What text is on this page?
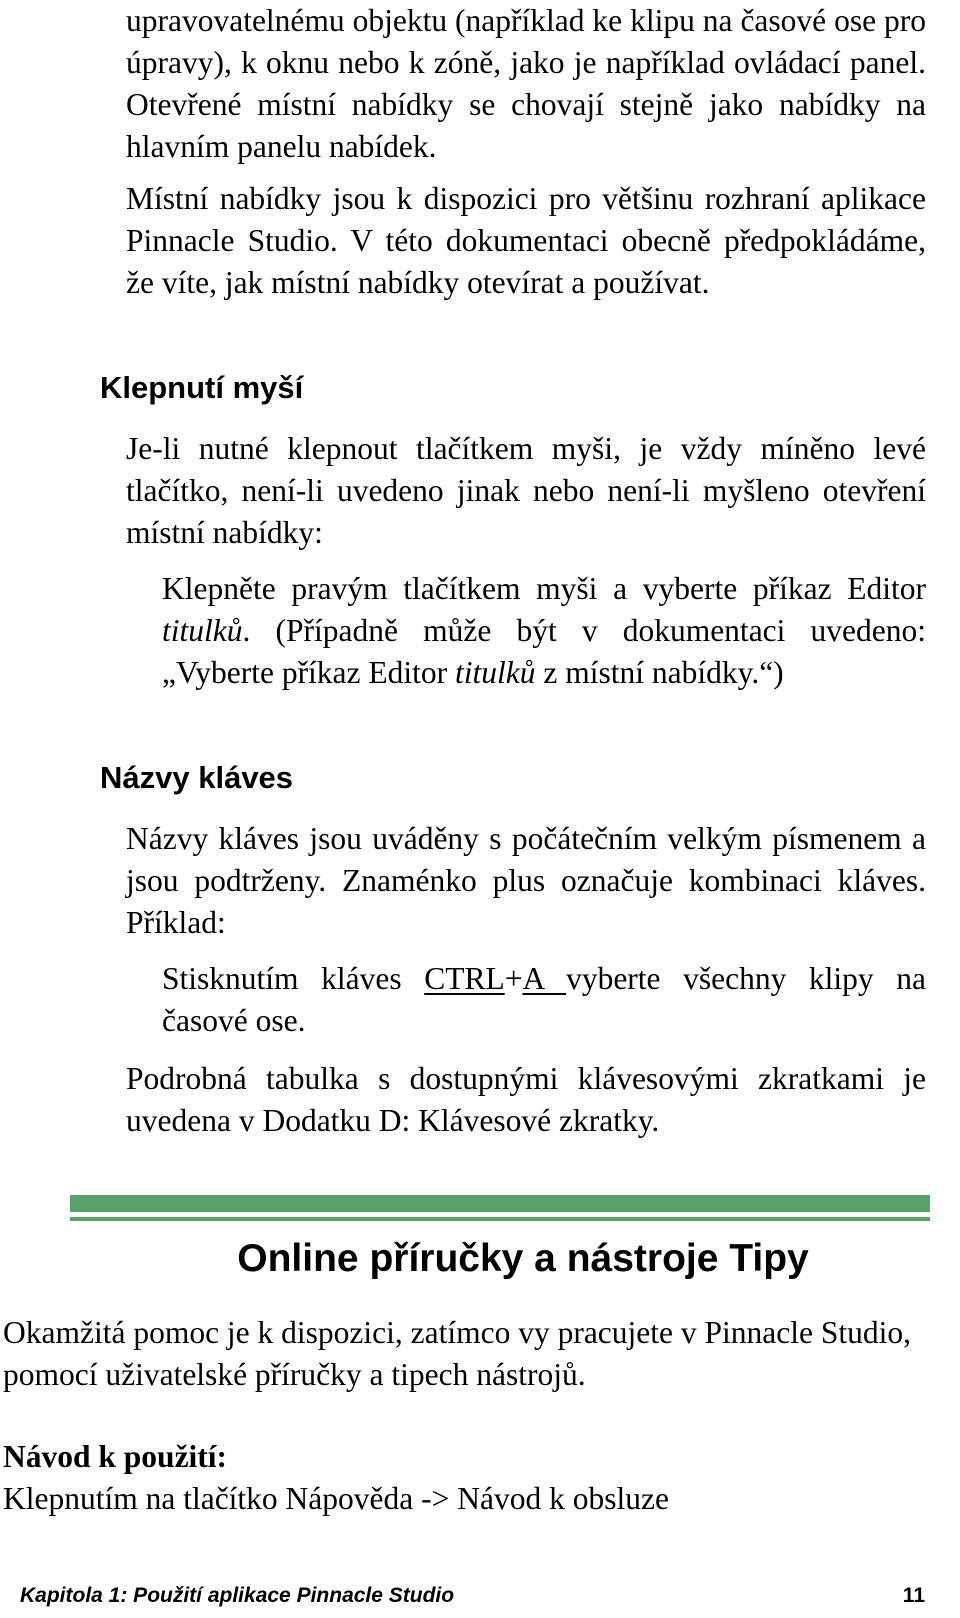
upravovatelnému objektu (například ke klipu na časové ose pro úpravy), k oknu nebo k zóně, jako je například ovládací panel. Otevřené místní nabídky se chovají stejně jako nabídky na hlavním panelu nabídek.

Místní nabídky jsou k dispozici pro většinu rozhraní aplikace Pinnacle Studio. V této dokumentaci obecně předpokládáme, že víte, jak místní nabídky otevírat a používat.

Klepnutí myší

Je-li nutné klepnout tlačítkem myši, je vždy míněno levé tlačítko, není-li uvedeno jinak nebo není-li myšleno otevření místní nabídky:

Klepněte pravým tlačítkem myši a vyberte příkaz Editor titulků. (Případně může být v dokumentaci uvedeno: „Vyberte příkaz Editor titulků z místní nabídky.“)

Názvy kláves

Názvy kláves jsou uváděny s počátečním velkým písmenem a jsou podtrženy. Znaménko plus označuje kombinaci kláves. Příklad:

Stisknutím kláves CTRL+A vyberte všechny klipy na časové ose.

Podrobná tabulka s dostupnými klávesovými zkratkami je uvedena v Dodatku D: Klávesové zkratky.

Online příručky a nástroje Tipy

Okamžitá pomoc je k dispozici, zatímco vy pracujete v Pinnacle Studio, pomocí uživatelské příručky a tipech nástrojů.

Návod k použití:

Klepnutím na tlačítko Nápověda -> Návod k obsluze

Kapitola 1: Použití aplikace Pinnacle Studio	11
